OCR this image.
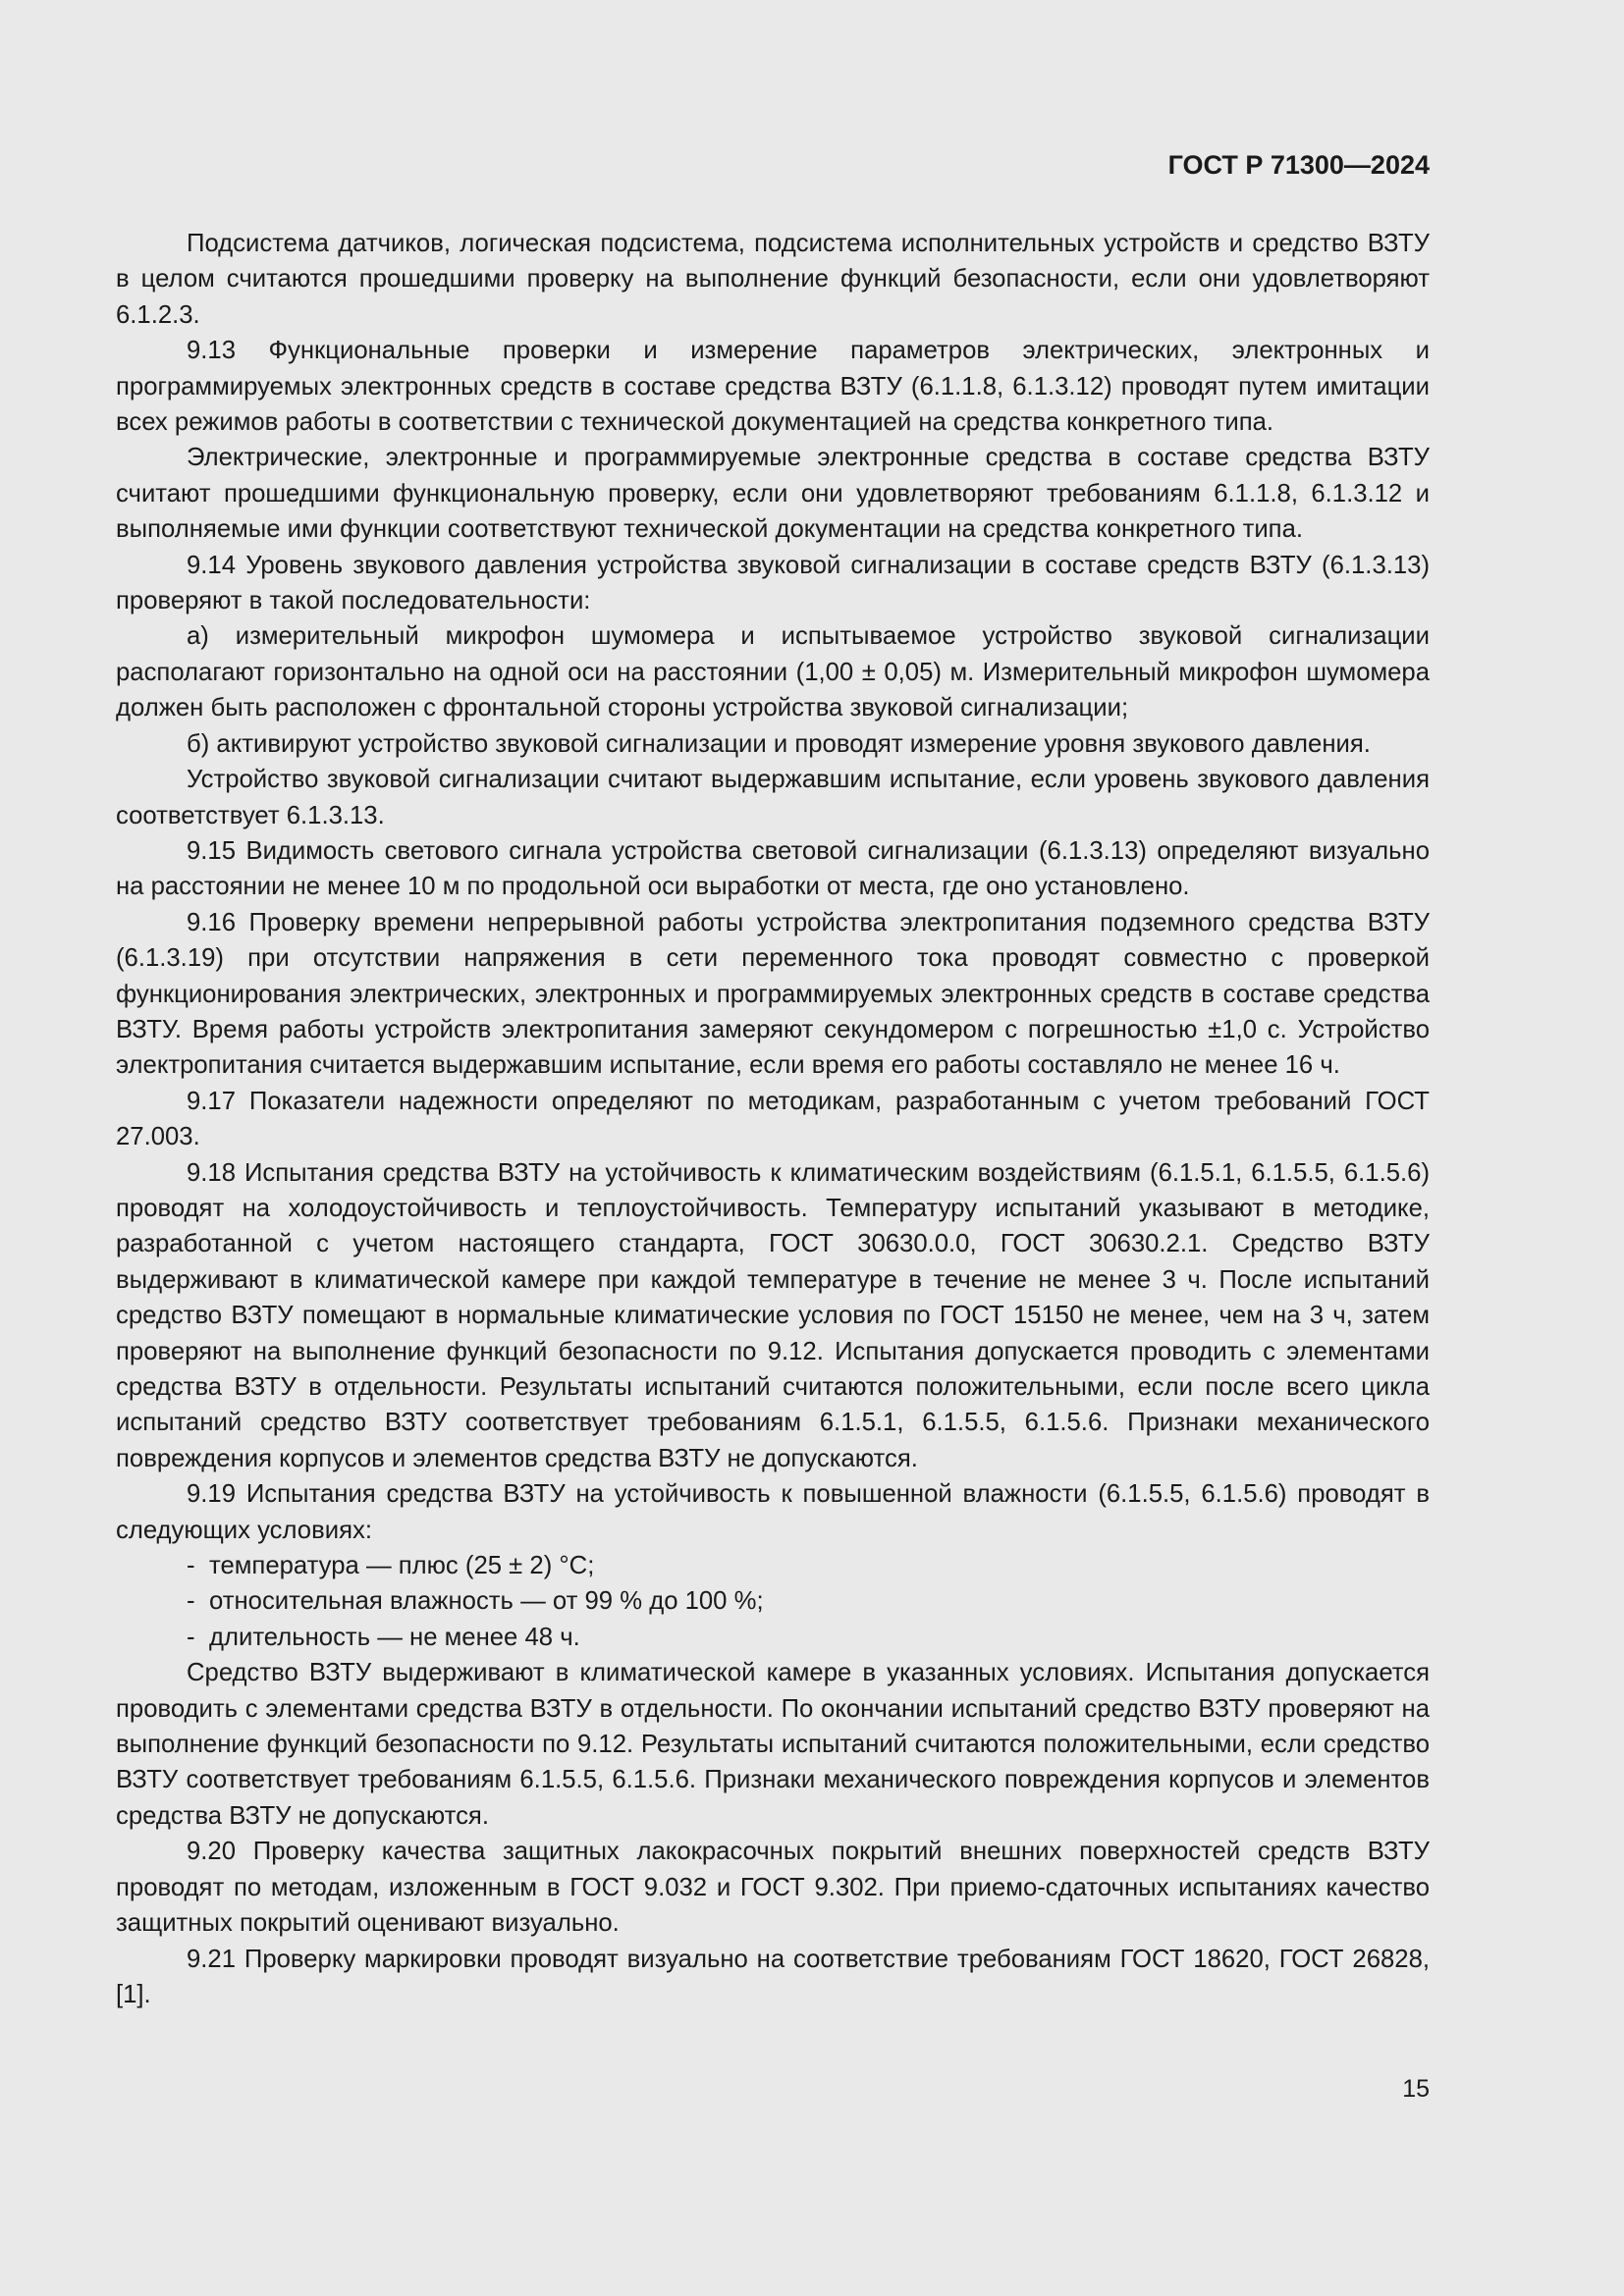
ГОСТ Р 71300—2024

Подсистема датчиков, логическая подсистема, подсистема исполнительных устройств и средство ВЗТУ в целом считаются прошедшими проверку на выполнение функций безопасности, если они удовлетворяют 6.1.2.3.

9.13 Функциональные проверки и измерение параметров электрических, электронных и программируемых электронных средств в составе средства ВЗТУ (6.1.1.8, 6.1.3.12) проводят путем имитации всех режимов работы в соответствии с технической документацией на средства конкретного типа.

Электрические, электронные и программируемые электронные средства в составе средства ВЗТУ считают прошедшими функциональную проверку, если они удовлетворяют требованиям 6.1.1.8, 6.1.3.12 и выполняемые ими функции соответствуют технической документации на средства конкретного типа.

9.14 Уровень звукового давления устройства звуковой сигнализации в составе средств ВЗТУ (6.1.3.13) проверяют в такой последовательности:

а) измерительный микрофон шумомера и испытываемое устройство звуковой сигнализации располагают горизонтально на одной оси на расстоянии (1,00 ± 0,05) м. Измерительный микрофон шумомера должен быть расположен с фронтальной стороны устройства звуковой сигнализации;

б) активируют устройство звуковой сигнализации и проводят измерение уровня звукового давления.

Устройство звуковой сигнализации считают выдержавшим испытание, если уровень звукового давления соответствует 6.1.3.13.

9.15 Видимость светового сигнала устройства световой сигнализации (6.1.3.13) определяют визуально на расстоянии не менее 10 м по продольной оси выработки от места, где оно установлено.

9.16 Проверку времени непрерывной работы устройства электропитания подземного средства ВЗТУ (6.1.3.19) при отсутствии напряжения в сети переменного тока проводят совместно с проверкой функционирования электрических, электронных и программируемых электронных средств в составе средства ВЗТУ. Время работы устройств электропитания замеряют секундомером с погрешностью ±1,0 с. Устройство электропитания считается выдержавшим испытание, если время его работы составляло не менее 16 ч.

9.17 Показатели надежности определяют по методикам, разработанным с учетом требований ГОСТ 27.003.

9.18 Испытания средства ВЗТУ на устойчивость к климатическим воздействиям (6.1.5.1, 6.1.5.5, 6.1.5.6) проводят на холодоустойчивость и теплоустойчивость. Температуру испытаний указывают в методике, разработанной с учетом настоящего стандарта, ГОСТ 30630.0.0, ГОСТ 30630.2.1. Средство ВЗТУ выдерживают в климатической камере при каждой температуре в течение не менее 3 ч. После испытаний средство ВЗТУ помещают в нормальные климатические условия по ГОСТ 15150 не менее, чем на 3 ч, затем проверяют на выполнение функций безопасности по 9.12. Испытания допускается проводить с элементами средства ВЗТУ в отдельности. Результаты испытаний считаются положительными, если после всего цикла испытаний средство ВЗТУ соответствует требованиям 6.1.5.1, 6.1.5.5, 6.1.5.6. Признаки механического повреждения корпусов и элементов средства ВЗТУ не допускаются.

9.19 Испытания средства ВЗТУ на устойчивость к повышенной влажности (6.1.5.5, 6.1.5.6) проводят в следующих условиях:

- температура — плюс (25 ± 2) °С;
- относительная влажность — от 99 % до 100 %;
- длительность — не менее 48 ч.

Средство ВЗТУ выдерживают в климатической камере в указанных условиях. Испытания допускается проводить с элементами средства ВЗТУ в отдельности. По окончании испытаний средство ВЗТУ проверяют на выполнение функций безопасности по 9.12. Результаты испытаний считаются положительными, если средство ВЗТУ соответствует требованиям 6.1.5.5, 6.1.5.6. Признаки механического повреждения корпусов и элементов средства ВЗТУ не допускаются.

9.20 Проверку качества защитных лакокрасочных покрытий внешних поверхностей средств ВЗТУ проводят по методам, изложенным в ГОСТ 9.032 и ГОСТ 9.302. При приемо-сдаточных испытаниях качество защитных покрытий оценивают визуально.

9.21 Проверку маркировки проводят визуально на соответствие требованиям ГОСТ 18620, ГОСТ 26828, [1].

15
